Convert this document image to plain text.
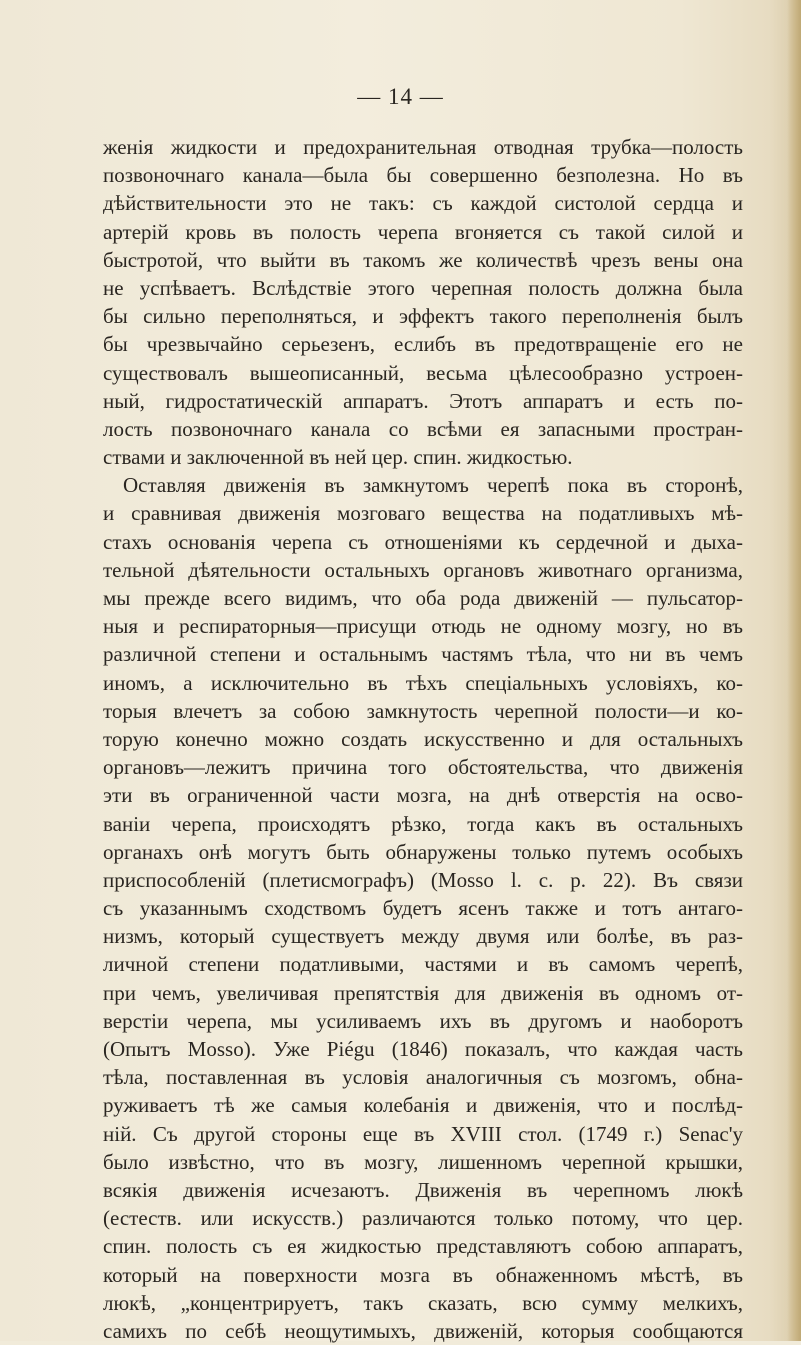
— 14 —
женія жидкости и предохранительная отводная трубка—полость
позвоночнаго канала—была бы совершенно безполезна. Но въ
дѣйствительности это не такъ: съ каждой систолой сердца и
артерій кровь въ полость черепа вгоняется съ такой силой и
быстротой, что выйти въ такомъ же количествѣ чрезъ вены она
не успѣваетъ. Вслѣдствіе этого черепная полость должна была
бы сильно переполняться, и эффектъ такого переполненія былъ
бы чрезвычайно серьезенъ, еслибъ въ предотвращеніе его не
существовалъ вышеописанный, весьма цѣлесообразно устроен-
ный, гидростатическій аппаратъ. Этотъ аппаратъ и есть по-
лость позвоночнаго канала со всѣми ея запасными простран-
ствами и заключенной въ ней цер. спин. жидкостью.
Оставляя движенія въ замкнутомъ черепѣ пока въ сторонѣ,
и сравнивая движенія мозговаго вещества на податливыхъ мѣ-
стахъ основанія черепа съ отношеніями къ сердечной и дыха-
тельной дѣятельности остальныхъ органовъ животнаго организма,
мы прежде всего видимъ, что оба рода движеній — пульсатор-
ныя и респираторныя—присущи отюдь не одному мозгу, но въ
различной степени и остальнымъ частямъ тѣла, что ни въ чемъ
иномъ, а исключительно въ тѣхъ спеціальныхъ условіяхъ, ко-
торыя влечетъ за собою замкнутость черепной полости—и ко-
торую конечно можно создать искусственно и для остальныхъ
органовъ—лежитъ причина того обстоятельства, что движенія
эти въ ограниченной части мозга, на днѣ отверстія на осво-
ваніи черепа, происходятъ рѣзко, тогда какъ въ остальныхъ
органахъ онѣ могутъ быть обнаружены только путемъ особыхъ
приспособленій (плетисмографъ) (Mosso l. c. p. 22). Въ связи
съ указаннымъ сходствомъ будетъ ясенъ также и тотъ антаго-
низмъ, который существуетъ между двумя или болѣе, въ раз-
личной степени податливыми, частями и въ самомъ черепѣ,
при чемъ, увеличивая препятствія для движенія въ одномъ от-
верстіи черепа, мы усиливаемъ ихъ въ другомъ и наоборотъ
(Опытъ Mosso). Уже Piégu (1846) показалъ, что каждая часть
тѣла, поставленная въ условія аналогичныя съ мозгомъ, обна-
руживаетъ тѣ же самыя колебанія и движенія, что и послѣд-
ній. Съ другой стороны еще въ XVIII стол. (1749 г.) Senac'у
было извѣстно, что въ мозгу, лишенномъ черепной крышки,
всякія движенія исчезаютъ. Движенія въ черепномъ люкѣ
(естеств. или искусств.) различаются только потому, что цер.
спин. полость съ ея жидкостью представляютъ собою аппаратъ,
который на поверхности мозга въ обнаженномъ мѣстѣ, въ
люкѣ, „концентрируетъ, такъ сказать, всю сумму мелкихъ,
самихъ по себѣ неощутимыхъ, движеній, которыя сообщаются
